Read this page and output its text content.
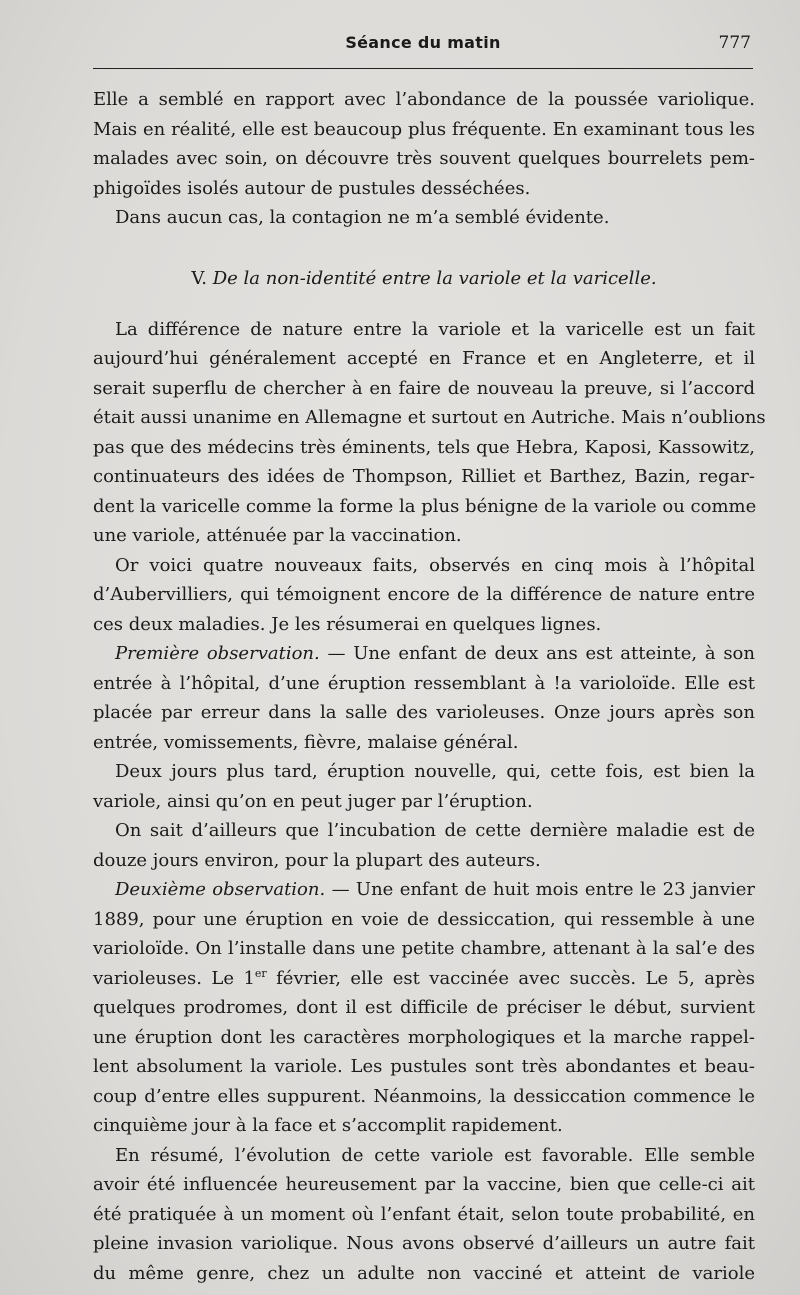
Séance du matin	777
Elle a semblé en rapport avec l’abondance de la poussée variolique.
Mais en réalité, elle est beaucoup plus fréquente. En examinant tous les
malades avec soin, on découvre très souvent quelques bourrelets pem-
phigoïdes isolés autour de pustules desséchées.
Dans aucun cas, la contagion ne m’a semblé évidente.
V. De la non-identité entre la variole et la varicelle.
La différence de nature entre la variole et la varicelle est un fait
aujourd’hui généralement accepté en France et en Angleterre, et il
serait superflu de chercher à en faire de nouveau la preuve, si l’accord
était aussi unanime en Allemagne et surtout en Autriche. Mais n’oublions
pas que des médecins très éminents, tels que Hebra, Kaposi, Kassowitz,
continuateurs des idées de Thompson, Rilliet et Barthez, Bazin, regar-
dent la varicelle comme la forme la plus bénigne de la variole ou comme
une variole, atténuée par la vaccination.
Or voici quatre nouveaux faits, observés en cinq mois à l’hôpital
d’Aubervilliers, qui témoignent encore de la différence de nature entre
ces deux maladies. Je les résumerai en quelques lignes.
Première observation. — Une enfant de deux ans est atteinte, à son
entrée à l’hôpital, d’une éruption ressemblant à !a varioloïde. Elle est
placée par erreur dans la salle des varioleuses. Onze jours après son
entrée, vomissements, fièvre, malaise général.
Deux jours plus tard, éruption nouvelle, qui, cette fois, est bien la
variole, ainsi qu’on en peut juger par l’éruption.
On sait d’ailleurs que l’incubation de cette dernière maladie est de
douze jours environ, pour la plupart des auteurs.
Deuxième observation. — Une enfant de huit mois entre le 23 janvier
1889, pour une éruption en voie de dessiccation, qui ressemble à une
varioloïde. On l’installe dans une petite chambre, attenant à la sal’e des
varioleuses. Le 1er février, elle est vaccinée avec succès. Le 5, après
quelques prodromes, dont il est difficile de préciser le début, survient
une éruption dont les caractères morphologiques et la marche rappel-
lent absolument la variole. Les pustules sont très abondantes et beau-
coup d’entre elles suppurent. Néanmoins, la dessiccation commence le
cinquième jour à la face et s’accomplit rapidement.
En résumé, l’évolution de cette variole est favorable. Elle semble
avoir été influencée heureusement par la vaccine, bien que celle-ci ait
été pratiquée à un moment où l’enfant était, selon toute probabilité, en
pleine invasion variolique. Nous avons observé d’ailleurs un autre fait
du même genre, chez un adulte non vacciné et atteint de variole
